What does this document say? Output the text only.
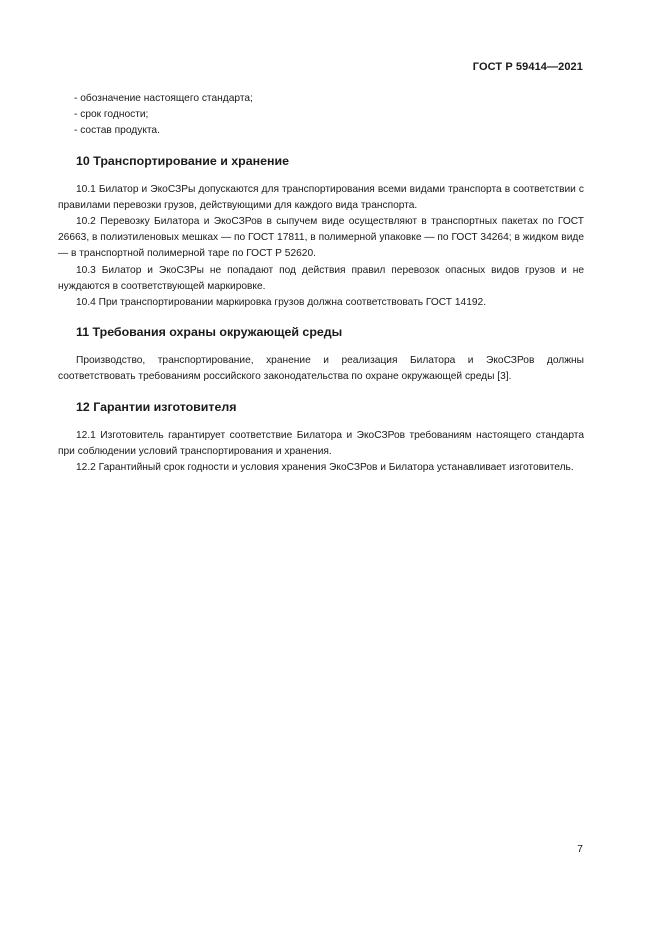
ГОСТ Р 59414—2021

- обозначение настоящего стандарта;

- срок годности;

- состав продукта.

10 Транспортирование и хранение

10.1 Билатор и ЭкоСЗРы допускаются для транспортирования всеми видами транспорта в соответствии с правилами перевозки грузов, действующими для каждого вида транспорта.

10.2 Перевозку Билатора и ЭкоСЗРов в сыпучем виде осуществляют в транспортных пакетах по ГОСТ 26663, в полиэтиленовых мешках — по ГОСТ 17811, в полимерной упаковке — по ГОСТ 34264; в жидком виде — в транспортной полимерной таре по ГОСТ Р 52620.

10.3 Билатор и ЭкоСЗРы не попадают под действия правил перевозок опасных видов грузов и не нуждаются в соответствующей маркировке.

10.4 При транспортировании маркировка грузов должна соответствовать ГОСТ 14192.

11 Требования охраны окружающей среды

Производство, транспортирование, хранение и реализация Билатора и ЭкоСЗРов должны соответствовать требованиям российского законодательства по охране окружающей среды [3].

12 Гарантии изготовителя

12.1 Изготовитель гарантирует соответствие Билатора и ЭкоСЗРов требованиям настоящего стандарта при соблюдении условий транспортирования и хранения.

12.2 Гарантийный срок годности и условия хранения ЭкоСЗРов и Билатора устанавливает изготовитель.

7
